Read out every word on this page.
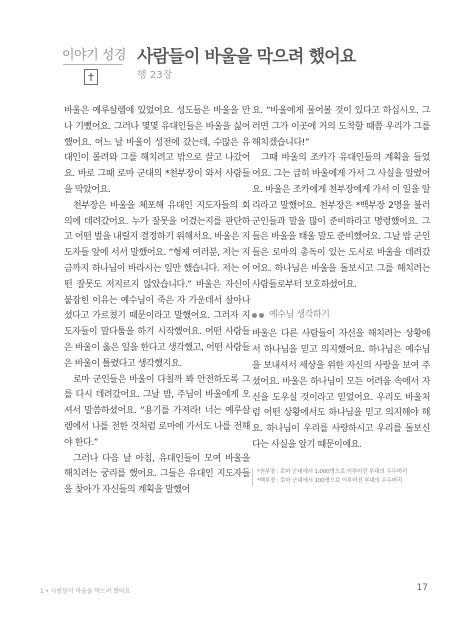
이야기 성경 사람들이 바울을 막으려 했어요
행 23장

바울은 예루살렘에 있었어요. 성도들은 바울을 만나 기뻤어요. 그러나 몇몇 유대인들은 바울을 싫어했어요. 어느 날 바울이 성전에 갔는데, 수많은 유대인이 몰려와 그를 해치려고 밖으로 끌고 나갔어요. 바로 그때 로마 군대의 *천부장이 와서 사람들을 막았어요.

천부장은 바울을 체포해 유대인 지도자들의 회의에 데려갔어요. 누가 잘못을 어겼는지를 판단하고 어떤 벌을 내릴지 결정하기 위해서요. 바울은 지도자들 앞에 서서 말했어요. “형제 여러분, 저는 지금까지 하나님이 바라시는 일만 했습니다. 저는 어떤 잘못도 저지르지 않았습니다.” 바울은 자신이 붙잡힌 이유는 예수님이 죽은 자 가운데서 살아나셨다고 가르쳤기 때문이라고 말했어요. 그러자 지도자들이 말다툼을 하기 시작했어요. 어떤 사람들은 바울이 옳은 일을 한다고 생각했고, 어떤 사람들은 바울이 틀렸다고 생각했지요.

로마 군인들은 바울이 다칠까 봐 안전하도록 그를 다시 데려갔어요. 그날 밤, 주님이 바울에게 오셔서 말씀하셨어요. “용기를 가져라! 너는 예루살렘에서 나를 전한 것처럼 로마에 가서도 나를 전해야 한다.”

그러나 다음 날 아침, 유대인들이 모여 바울을 해치려는 궁리를 했어요. 그들은 유대인 지도자들을 찾아가 자신들의 계획을 말했어

요. “바울에게 물어볼 것이 있다고 하십시오. 그러면 그가 이곳에 거의 도착할 때쯤 우리가 그를 해치겠습니다!”

그때 바울의 조카가 유대인들의 계획을 들었어요. 그는 급히 바울에게 가서 그 사실을 알렸어요. 바울은 조카에게 천부장에게 가서 이 일을 알리라고 말했어요. 천부장은 *백부장 2명을 불러 군인들과 말을 많이 준비하라고 명령했어요. 그들은 바울을 태울 말도 준비했어요. 그날 밤 군인들은 로마의 총독이 있는 도시로 바울을 데려갔어요. 하나님은 바울을 돌보시고 그를 해치려는 사람들로부터 보호하셨어요.

예수님 생각하기

바울은 다른 사람들이 자신을 해치려는 상황에서 하나님을 믿고 의지했어요. 하나님은 예수님을 보내셔서 세상을 위한 자신의 사랑을 보여 주셨어요. 바울은 하나님이 모든 어려움 속에서 자신을 도우실 것이라고 믿었어요. 우리도 바울처럼 어떤 상황에서도 하나님을 믿고 의지해야 해요. 하나님이 우리를 사랑하시고 우리를 돌보신다는 사실을 알기 때문이에요.

*천부장 : 로마 군대에서 1,000명으로 이루어진 부대의 우두머리
*백부장 : 로마 군대에서 100명으로 이루어진 부대의 우두머리
1 • 사람들이 바울을 막으려 했어요	17
